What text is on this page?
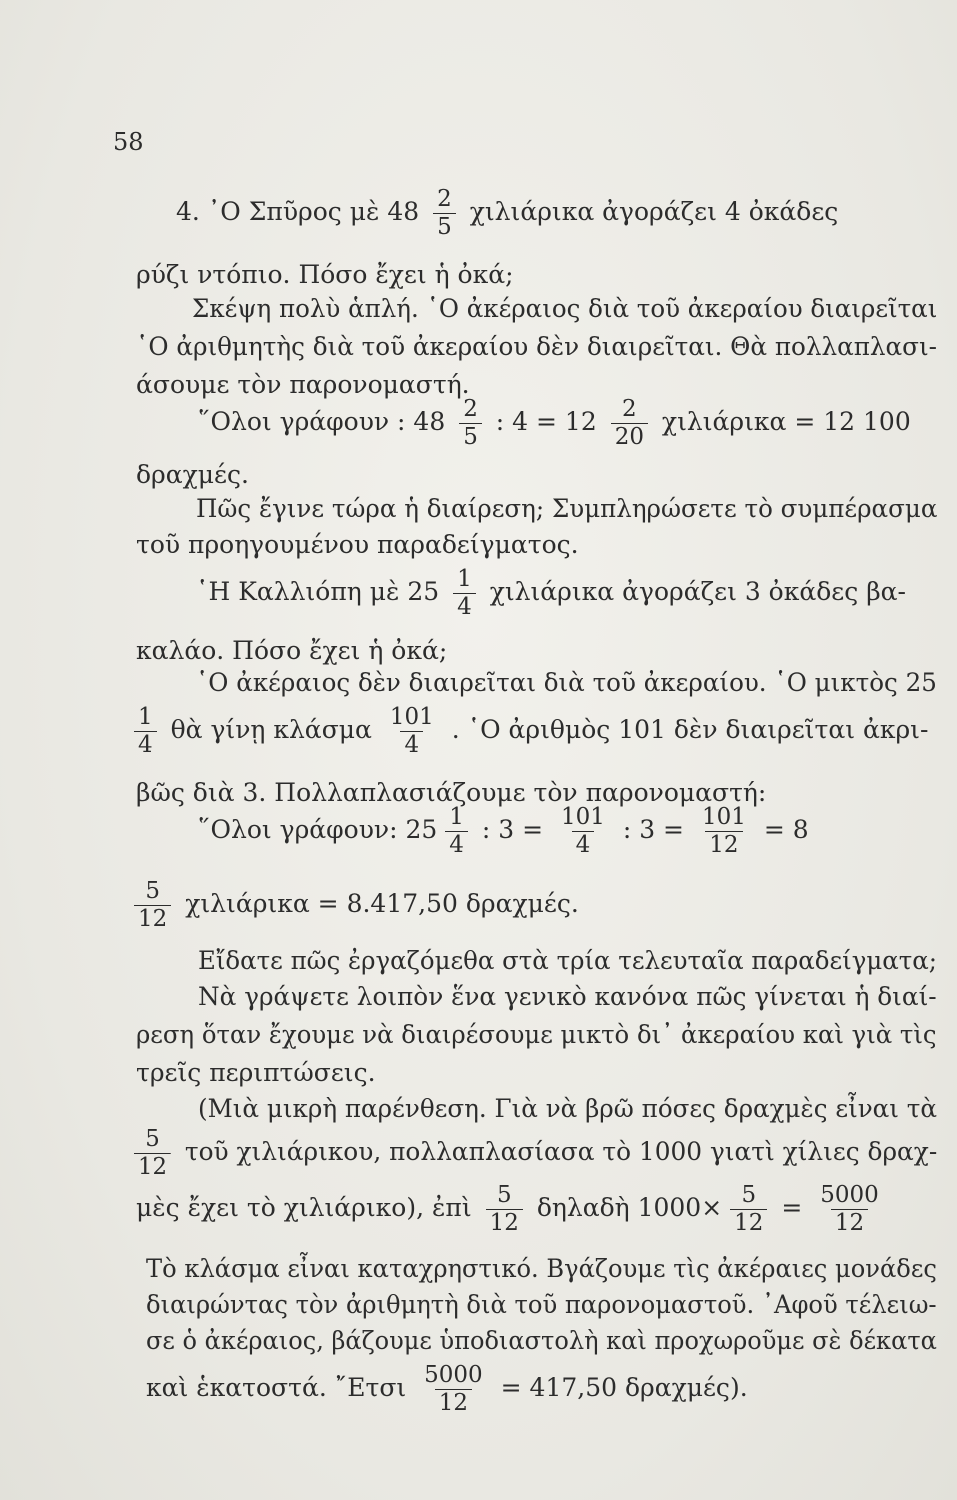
58
4. ᾿Ο Σπῦρος μὲ $48 \frac{2}{5}$ χιλιάρικα ἀγοράζει 4 ὀκάδες
ρύζι ντόπιο. Πόσο ἔχει ἡ ὀκά;
Σκέψη πολὺ ἁπλή. ῾Ο ἀκέραιος διὰ τοῦ ἀκεραίου διαιρεῖται
῾Ο ἀριθμητὴς διὰ τοῦ ἀκεραίου δὲν διαιρεῖται. Θὰ πολλαπλασι-
άσουμε τὸν παρονομαστή.
῞Ολοι γράφουν : $48 \frac{2}{5}$ : $4 = 12 \frac{2}{20}$ χιλιάρικα = 12 100
δραχμές.
Πῶς ἔγινε τώρα ἡ διαίρεση; Συμπληρώσετε τὸ συμπέρασμα
τοῦ προηγουμένου παραδείγματος.
῾Η Καλλιόπη μὲ $25 \frac{1}{4}$ χιλιάρικα ἀγοράζει 3 ὀκάδες βα-
καλάο. Πόσο ἔχει ἡ ὀκά;
῾Ο ἀκέραιος δὲν διαιρεῖται διὰ τοῦ ἀκεραίου. ῾Ο μικτὸς 25
$\frac{1}{4}$ θὰ γίνῃ κλάσμα $\frac{101}{4}$ . ῾Ο ἀριθμὸς 101 δὲν διαιρεῖται ἀκρι-
βῶς διὰ 3. Πολλαπλασιάζουμε τὸν παρονομαστή:
῞Ολοι γράφουν: $25 \frac{1}{4}$ : $3 = \frac{101}{4}$ : $3 = \frac{101}{12} = 8$
$\frac{5}{12}$ χιλιάρικα = 8.417,50 δραχμές.
Εἴδατε πῶς ἐργαζόμεθα στὰ τρία τελευταῖα παραδείγματα;
Νὰ γράψετε λοιπὸν ἕνα γενικὸ κανόνα πῶς γίνεται ἡ διαί-
ρεση ὅταν ἔχουμε νὰ διαιρέσουμε μικτὸ δι᾿ ἀκεραίου καὶ γιὰ τὶς
τρεῖς περιπτώσεις.
(Μιὰ μικρὴ παρένθεση. Γιὰ νὰ βρῶ πόσες δραχμὲς εἶναι τὰ
$\frac{5}{12}$ τοῦ χιλιάρικου, πολλαπλασίασα τὸ 1000 γιατὶ χίλιες δραχ-
μὲς ἔχει τὸ χιλιάρικο), ἐπὶ $\frac{5}{12}$ δηλαδὴ $1000\times \frac{5}{12} = \frac{5000}{12}$
Τὸ κλάσμα εἶναι καταχρηστικό. Βγάζουμε τὶς ἀκέραιες μονάδες
διαιρώντας τὸν ἀριθμητὴ διὰ τοῦ παρονομαστοῦ. ᾿Αφοῦ τέλειω-
σε ὁ ἀκέραιος, βάζουμε ὑποδιαστολὴ καὶ προχωροῦμε σὲ δέκατα
καὶ ἑκατοστά. ῎Ετσι $\frac{5000}{12} = 417,50$ δραχμές).
